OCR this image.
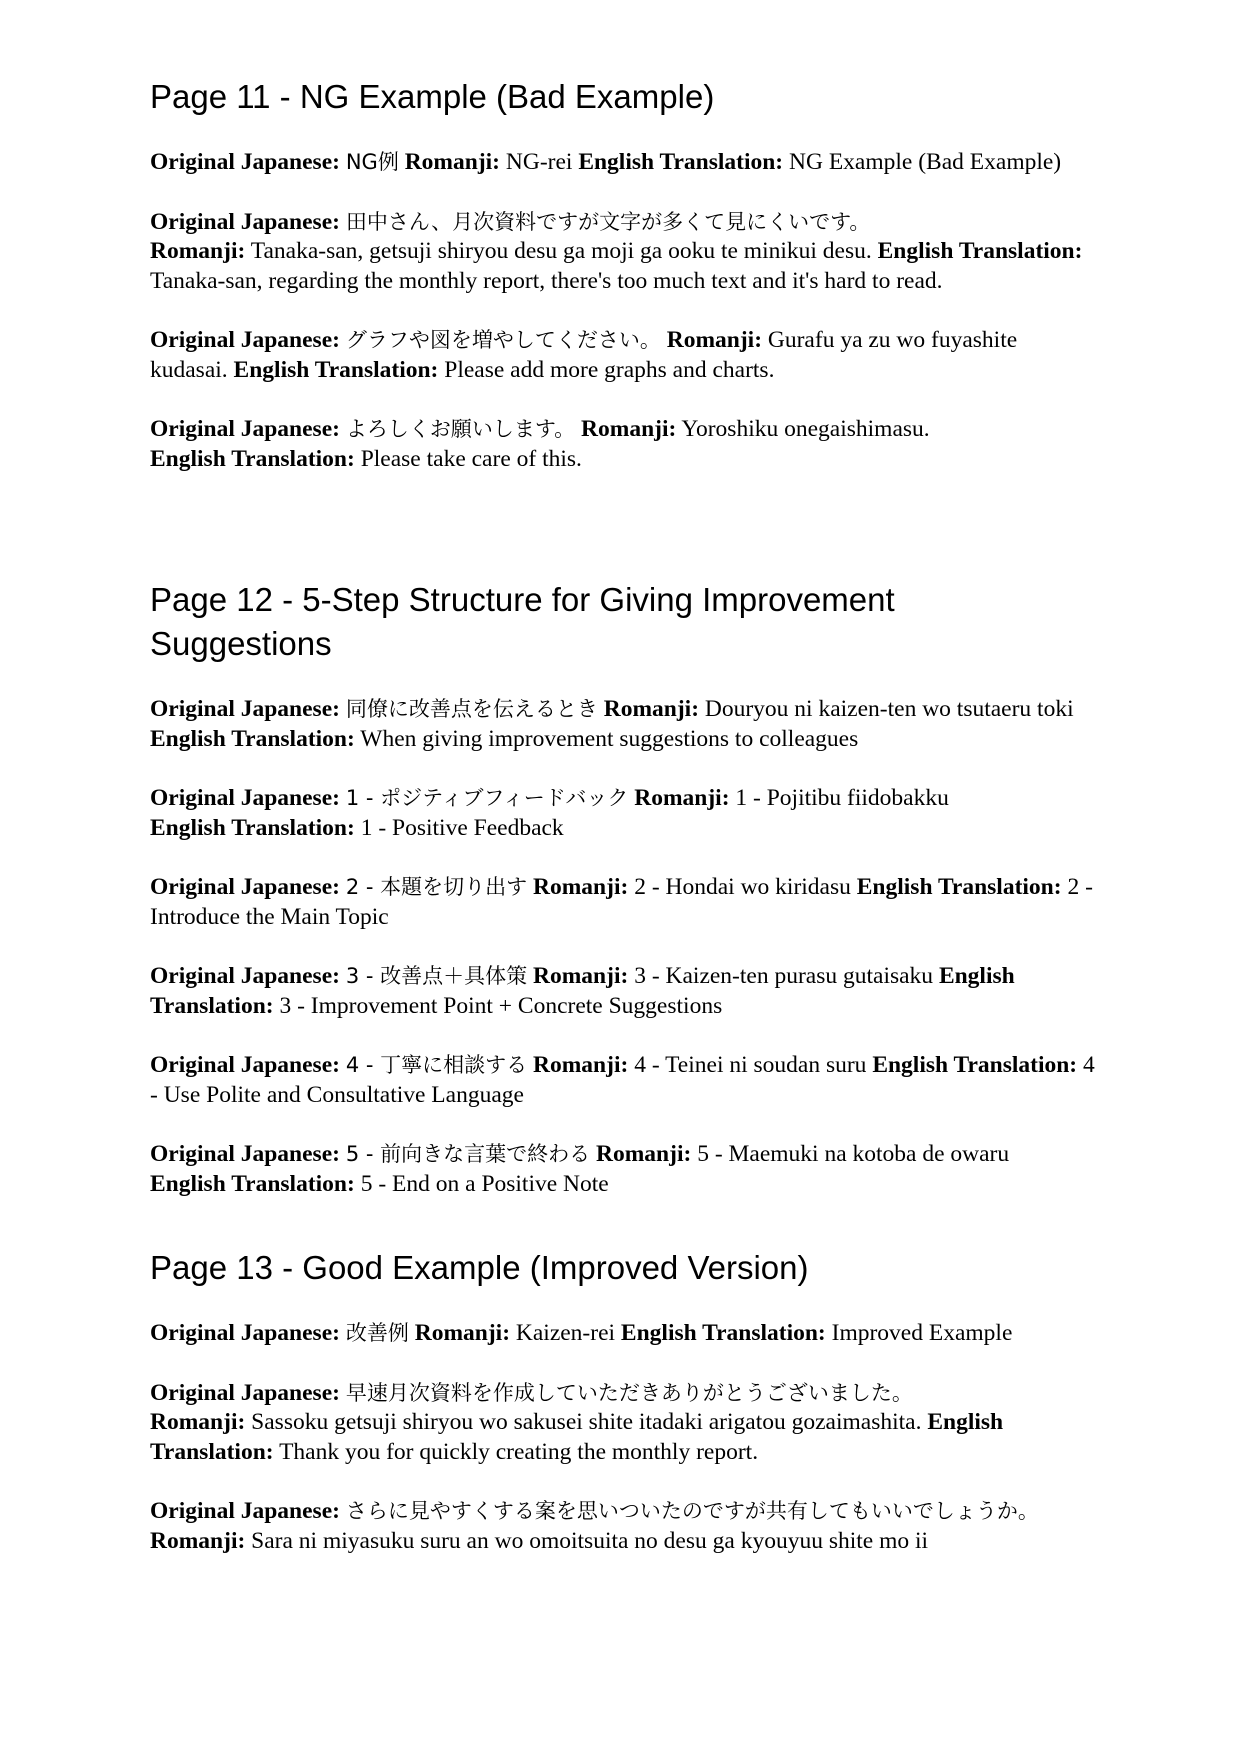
Page 11 - NG Example (Bad Example)

Original Japanese: NG例 Romanji: NG-rei English Translation: NG Example (Bad Example)

Original Japanese: 田中さん、月次資料ですが文字が多くて見にくいです。
Romanji: Tanaka-san, getsuji shiryou desu ga moji ga ooku te minikui desu. English Translation: Tanaka-san, regarding the monthly report, there's too much text and it's hard to read.

Original Japanese: グラフや図を増やしてください。 Romanji: Gurafu ya zu wo fuyashite kudasai. English Translation: Please add more graphs and charts.

Original Japanese: よろしくお願いします。 Romanji: Yoroshiku onegaishimasu.
English Translation: Please take care of this.

Page 12 - 5-Step Structure for Giving Improvement Suggestions

Original Japanese: 同僚に改善点を伝えるとき Romanji: Douryou ni kaizen-ten wo tsutaeru toki English Translation: When giving improvement suggestions to colleagues

Original Japanese: 1 - ポジティブフィードバック Romanji: 1 - Pojitibu fiidobakku
English Translation: 1 - Positive Feedback

Original Japanese: 2 - 本題を切り出す Romanji: 2 - Hondai wo kiridasu English Translation: 2 - Introduce the Main Topic

Original Japanese: 3 - 改善点＋具体策 Romanji: 3 - Kaizen-ten purasu gutaisaku English Translation: 3 - Improvement Point + Concrete Suggestions

Original Japanese: 4 - 丁寧に相談する Romanji: 4 - Teinei ni soudan suru English Translation: 4 - Use Polite and Consultative Language

Original Japanese: 5 - 前向きな言葉で終わる Romanji: 5 - Maemuki na kotoba de owaru
English Translation: 5 - End on a Positive Note

Page 13 - Good Example (Improved Version)

Original Japanese: 改善例 Romanji: Kaizen-rei English Translation: Improved Example

Original Japanese: 早速月次資料を作成していただきありがとうございました。
Romanji: Sassoku getsuji shiryou wo sakusei shite itadaki arigatou gozaimashita. English Translation: Thank you for quickly creating the monthly report.

Original Japanese: さらに見やすくする案を思いついたのですが共有してもいいでしょうか。 Romanji: Sara ni miyasuku suru an wo omoitsuita no desu ga kyouyuu shite mo ii
